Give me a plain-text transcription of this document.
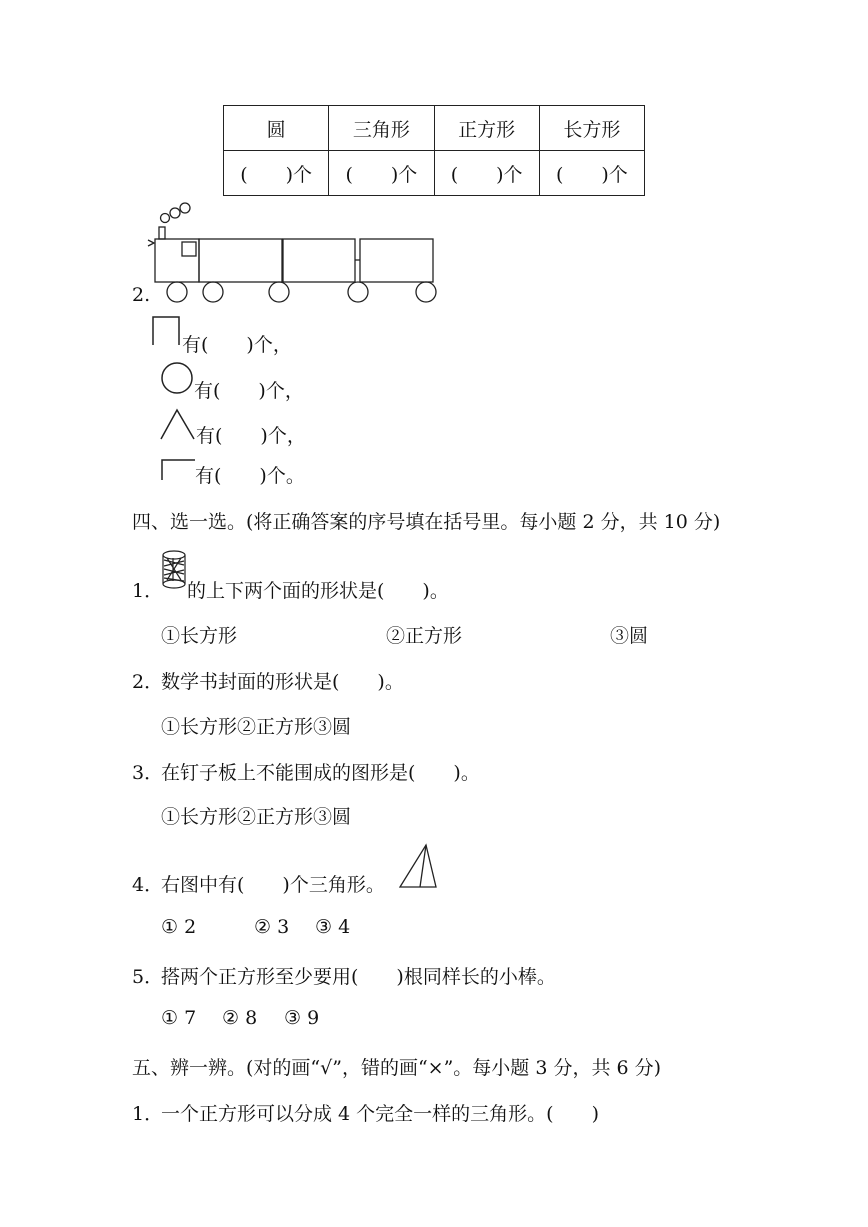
圆	三角形	正方形	长方形
(　　)个	(　　)个	(　　)个	(　　)个
2.
有(　　)个，
有(　　)个，
有(　　)个，
有(　　)个。
四、选一选。(将正确答案的序号填在括号里。每小题 2 分，共 10 分)
1． 的上下两个面的形状是(　　)。
①长方形	②正方形	③圆
2．
数学书封面的形状是(　　)。
①长方形②正方形③圆
3．
在钉子板上不能围成的图形是(　　)。
①长方形②正方形③圆
4．
右图中有(　　)个三角形。
① 2	② 3 ③ 4
5．
搭两个正方形至少要用(　　)根同样长的小棒。
① 7 ② 8 ③ 9
五、辨一辨。(对的画“√”，错的画“×”。每小题 3 分，共 6 分)
1．
一个正方形可以分成 4 个完全一样的三角形。(　　)
